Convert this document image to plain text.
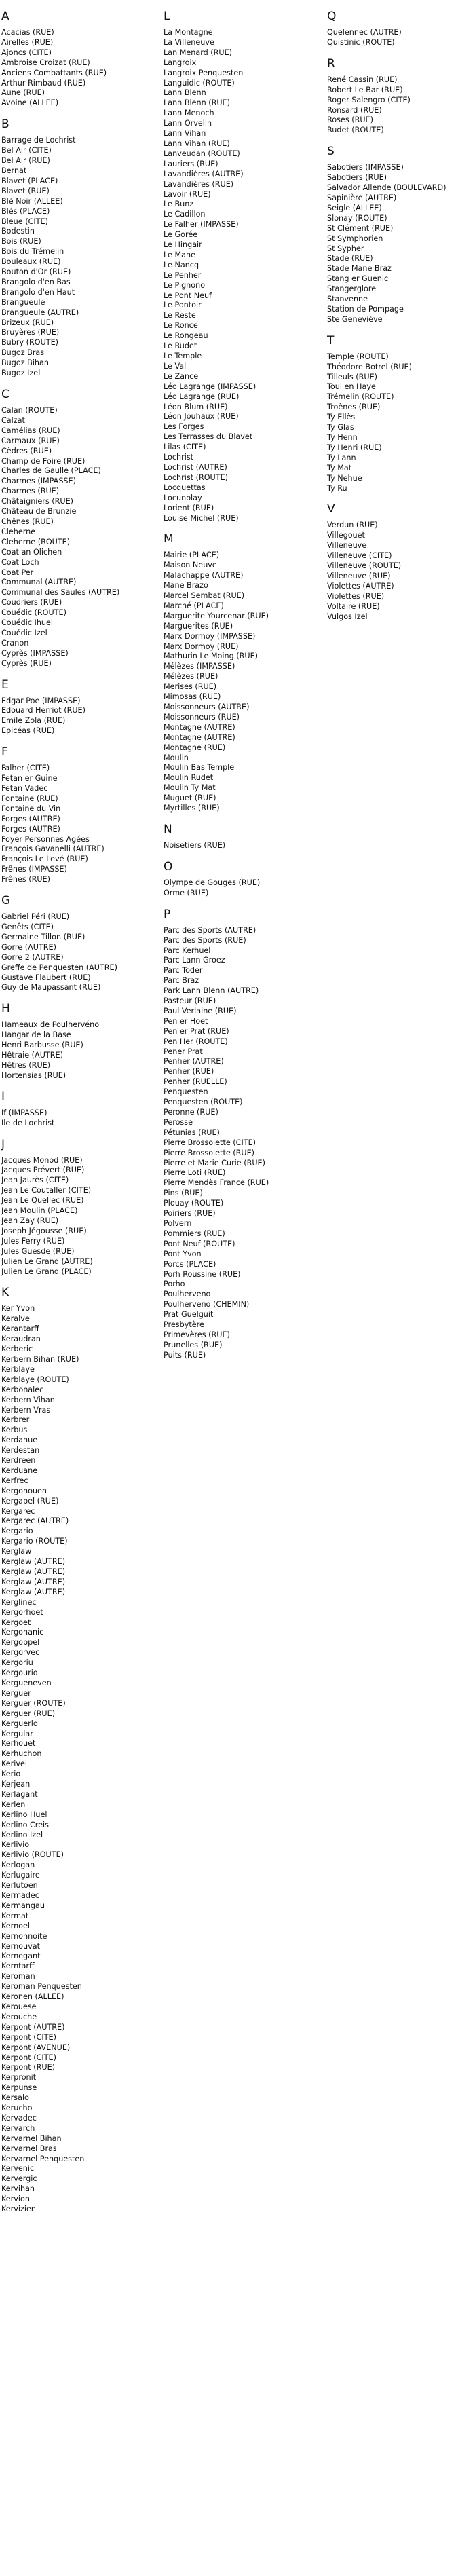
A
Acacias (RUE)
Airelles (RUE)
Ajoncs (CITE)
Ambroise Croizat (RUE)
Anciens Combattants (RUE)
Arthur Rimbaud (RUE)
Aune (RUE)
Avoine (ALLEE)
B
Barrage de Lochrist
Bel Air (CITE)
Bel Air (RUE)
Bernat
Blavet (PLACE)
Blavet (RUE)
Blé Noir (ALLEE)
Blés (PLACE)
Bleue (CITE)
Bodestin
Bois (RUE)
Bois du Trémelin
Bouleaux (RUE)
Bouton d'Or (RUE)
Brangolo d'en Bas
Brangolo d'en Haut
Brangueule
Brangueule (AUTRE)
Brizeux (RUE)
Bruyères (RUE)
Bubry (ROUTE)
Bugoz Bras
Bugoz Bihan
Bugoz Izel
C
Calan (ROUTE)
Calzat
Camélias (RUE)
Carmaux (RUE)
Cèdres (RUE)
Champ de Foire (RUE)
Charles de Gaulle (PLACE)
Charmes (IMPASSE)
Charmes (RUE)
Châtaigniers (RUE)
Château de Brunzie
Chênes (RUE)
Cleherne
Cleherne (ROUTE)
Coat an Olichen
Coat Loch
Coat Per
Communal (AUTRE)
Communal des Saules (AUTRE)
Coudriers (RUE)
Couédic (ROUTE)
Couédic Ihuel
Couédic Izel
Cranon
Cyprès (IMPASSE)
Cyprès (RUE)
E
Edgar Poe (IMPASSE)
Edouard Herriot (RUE)
Emile Zola (RUE)
Epicéas (RUE)
F
Falher (CITE)
Fetan er Guine
Fetan Vadec
Fontaine (RUE)
Fontaine du Vin
Forges (AUTRE)
Forges (AUTRE)
Foyer Personnes Agées
François Gavanelli (AUTRE)
François Le Levé (RUE)
Frênes (IMPASSE)
Frênes (RUE)
G
Gabriel Péri (RUE)
Genêts (CITE)
Germaine Tillon (RUE)
Gorre (AUTRE)
Gorre 2 (AUTRE)
Greffe de Penquesten (AUTRE)
Gustave Flaubert (RUE)
Guy de Maupassant (RUE)
H
Hameaux de Poulhervéno
Hangar de la Base
Henri Barbusse (RUE)
Hêtraie (AUTRE)
Hêtres (RUE)
Hortensias (RUE)
I
If (IMPASSE)
Ile de Lochrist
J
Jacques Monod (RUE)
Jacques Prévert (RUE)
Jean Jaurès (CITE)
Jean Le Coutaller (CITE)
Jean Le Quellec (RUE)
Jean Moulin (PLACE)
Jean Zay (RUE)
Joseph Jégousse (RUE)
Jules Ferry (RUE)
Jules Guesde (RUE)
Julien Le Grand (AUTRE)
Julien Le Grand (PLACE)
K
Ker Yvon
Keralve
Kerantarff
Keraudran
Kerberic
Kerbern Bihan (RUE)
Kerblaye
Kerblaye (ROUTE)
Kerbonalec
Kerbern Vihan
Kerbern Vras
Kerbrer
Kerbus
Kerdanue
Kerdestan
Kerdreen
Kerduane
Kerfrec
Kergonouen
Kergapel (RUE)
Kergarec
Kergarec (AUTRE)
Kergario
Kergario (ROUTE)
Kerglaw
Kerglaw (AUTRE)
Kerglaw (AUTRE)
Kerglaw (AUTRE)
Kerglaw (AUTRE)
Kerglinec
Kergorhoet
Kergoet
Kergonanic
Kergoppel
Kergorvec
Kergoriu
Kergourio
Kergueneven
Kerguer
Kerguer (ROUTE)
Kerguer (RUE)
Kerguerlo
Kergular
Kerhouet
Kerhuchon
Kerivel
Kerio
Kerjean
Kerlagant
Kerlen
Kerlino Huel
Kerlino Creis
Kerlino Izel
Kerlivio
Kerlivio (ROUTE)
Kerlogan
Kerlugaire
Kerlutoen
Kermadec
Kermangau
Kermat
Kernoel
Kernonnoite
Kernouvat
Kernegant
Kerntarff
Keroman
Keroman Penquesten
Keronen (ALLEE)
Kerouese
Kerouche
Kerpont (AUTRE)
Kerpont (CITE)
Kerpont (AVENUE)
Kerpont (CITE)
Kerpont (RUE)
Kerpronit
Kerpunse
Kersalo
Kerucho
Kervadec
Kervarch
Kervarnel Bihan
Kervarnel Bras
Kervarnel Penquesten
Kervenic
Kervergic
Kervihan
Kervion
Kervizien
L
La Montagne
La Villeneuve
Lan Menard (RUE)
Langroix
Langroix Penquesten
Languidic (ROUTE)
Lann Blenn
Lann Blenn (RUE)
Lann Menoch
Lann Orvelin
Lann Vihan
Lann Vihan (RUE)
Lanveudan (ROUTE)
Lauriers (RUE)
Lavandières (AUTRE)
Lavandières (RUE)
Lavoir (RUE)
Le Bunz
Le Cadillon
Le Falher (IMPASSE)
Le Gorée
Le Hingair
Le Mane
Le Nancq
Le Penher
Le Pignono
Le Pont Neuf
Le Pontoir
Le Reste
Le Ronce
Le Rongeau
Le Rudet
Le Temple
Le Val
Le Zance
Léo Lagrange (IMPASSE)
Léo Lagrange (RUE)
Léon Blum (RUE)
Léon Jouhaux (RUE)
Les Forges
Les Terrasses du Blavet
Lilas (CITE)
Lochrist
Lochrist (AUTRE)
Lochrist (ROUTE)
Locquettas
Locunolay
Lorient (RUE)
Louise Michel (RUE)
M
Mairie (PLACE)
Maison Neuve
Malachappe (AUTRE)
Mane Brazo
Marcel Sembat (RUE)
Marché (PLACE)
Marguerite Yourcenar (RUE)
Marguerites (RUE)
Marx Dormoy (IMPASSE)
Marx Dormoy (RUE)
Mathurin Le Moing (RUE)
Mélèzes (IMPASSE)
Mélèzes (RUE)
Merises (RUE)
Mimosas (RUE)
Moissonneurs (AUTRE)
Moissonneurs (RUE)
Montagne (AUTRE)
Montagne (AUTRE)
Montagne (RUE)
Moulin
Moulin Bas Temple
Moulin Rudet
Moulin Ty Mat
Muguet (RUE)
Myrtilles (RUE)
N
Noisetiers (RUE)
O
Olympe de Gouges (RUE)
Orme (RUE)
P
Parc des Sports (AUTRE)
Parc des Sports (RUE)
Parc Kerhuel
Parc Lann Groez
Parc Toder
Parc Braz
Park Lann Blenn (AUTRE)
Pasteur (RUE)
Paul Verlaine (RUE)
Pen er Hoet
Pen er Prat (RUE)
Pen Her (ROUTE)
Pener Prat
Penher (AUTRE)
Penher (RUE)
Penher (RUELLE)
Penquesten
Penquesten (ROUTE)
Peronne (RUE)
Perosse
Pétunias (RUE)
Pierre Brossolette (CITE)
Pierre Brossolette (RUE)
Pierre et Marie Curie (RUE)
Pierre Loti (RUE)
Pierre Mendès France (RUE)
Pins (RUE)
Plouay (ROUTE)
Poiriers (RUE)
Polvern
Pommiers (RUE)
Pont Neuf (ROUTE)
Pont Yvon
Porcs (PLACE)
Porh Roussine (RUE)
Porho
Poulherveno
Poulherveno (CHEMIN)
Prat Guelguit
Presbytère
Primevères (RUE)
Prunelles (RUE)
Puits (RUE)
Q
Quelennec (AUTRE)
Quistinic (ROUTE)
R
René Cassin (RUE)
Robert Le Bar (RUE)
Roger Salengro (CITE)
Ronsard (RUE)
Roses (RUE)
Rudet (ROUTE)
S
Sabotiers (IMPASSE)
Sabotiers (RUE)
Salvador Allende (BOULEVARD)
Sapinière (AUTRE)
Seigle (ALLEE)
Slonay (ROUTE)
St Clément (RUE)
St Symphorien
St Sypher
Stade (RUE)
Stade Mane Braz
Stang er Guenic
Stangerglore
Stanvenne
Station de Pompage
Ste Geneviève
T
Temple (ROUTE)
Théodore Botrel (RUE)
Tilleuls (RUE)
Toul en Haye
Trémelin (ROUTE)
Troènes (RUE)
Ty Ellès
Ty Glas
Ty Henn
Ty Henri (RUE)
Ty Lann
Ty Mat
Ty Nehue
Ty Ru
V
Verdun (RUE)
Villegouet
Villeneuve
Villeneuve (CITE)
Villeneuve (ROUTE)
Villeneuve (RUE)
Violettes (AUTRE)
Violettes (RUE)
Voltaire (RUE)
Vulgos Izel
